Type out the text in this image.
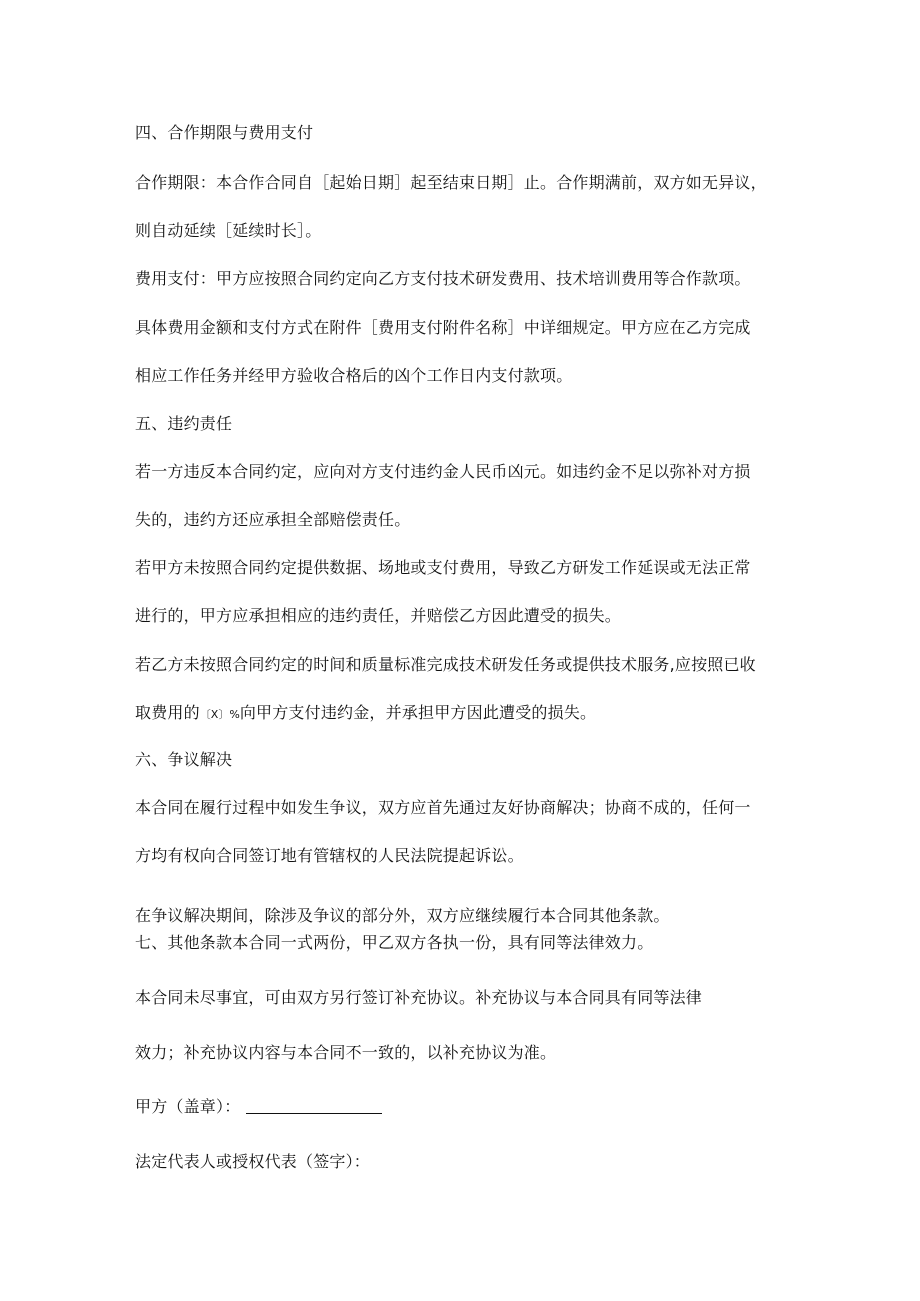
四、合作期限与费用支付
合作期限：本合作合同自［起始日期］起至结束日期］止。合作期满前，双方如无异议，
则自动延续［延续时长］。
费用支付：甲方应按照合同约定向乙方支付技术研发费用、技术培训费用等合作款项。
具体费用金额和支付方式在附件［费用支付附件名称］中详细规定。甲方应在乙方完成
相应工作任务并经甲方验收合格后的凶个工作日内支付款项。
五、违约责任
若一方违反本合同约定，应向对方支付违约金人民币凶元。如违约金不足以弥补对方损
失的，违约方还应承担全部赔偿责任。
若甲方未按照合同约定提供数据、场地或支付费用，导致乙方研发工作延误或无法正常
进行的，甲方应承担相应的违约责任，并赔偿乙方因此遭受的损失。
若乙方未按照合同约定的时间和质量标准完成技术研发任务或提供技术服务,应按照已收
取费用的〔X〕%向甲方支付违约金，并承担甲方因此遭受的损失。
六、争议解决
本合同在履行过程中如发生争议，双方应首先通过友好协商解决；协商不成的，任何一
方均有权向合同签订地有管辖权的人民法院提起诉讼。
在争议解决期间，除涉及争议的部分外，双方应继续履行本合同其他条款。
七、其他条款本合同一式两份，甲乙双方各执一份，具有同等法律效力。
本合同未尽事宜，可由双方另行签订补充协议。补充协议与本合同具有同等法律
效力；补充协议内容与本合同不一致的，以补充协议为准。
甲方（盖章）：
法定代表人或授权代表（签字）：
